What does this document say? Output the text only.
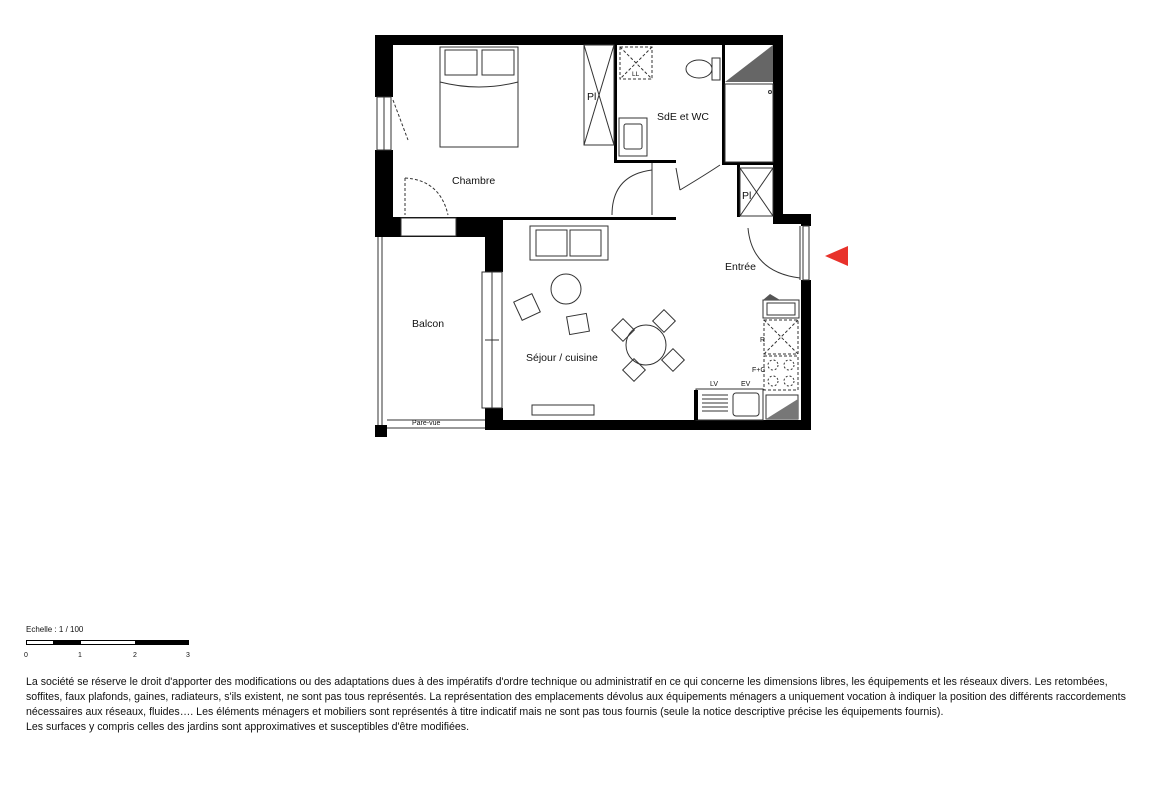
Chambre
SdE et WC
Entrée
Balcon
Séjour / cuisine
Pl
Pl
LL
LV	EV
F+C
R
Pare-vue
Echelle : 1 / 100
0	1	2	3

La société se réserve le droit d'apporter des modifications ou des adaptations dues à des impératifs d'ordre technique ou administratif en ce qui concerne les dimensions libres, les équipements et les réseaux divers. Les retombées, soffites, faux plafonds, gaines, radiateurs, s'ils existent, ne sont pas tous représentés. La représentation des emplacements dévolus aux équipements ménagers a uniquement vocation à indiquer la position des différents raccordements nécessaires aux réseaux, fluides…. Les éléments ménagers et mobiliers sont représentés à titre indicatif mais ne sont pas tous fournis (seule la notice descriptive précise les équipements fournis).

Les surfaces y compris celles des jardins sont approximatives et susceptibles d'être modifiées.
